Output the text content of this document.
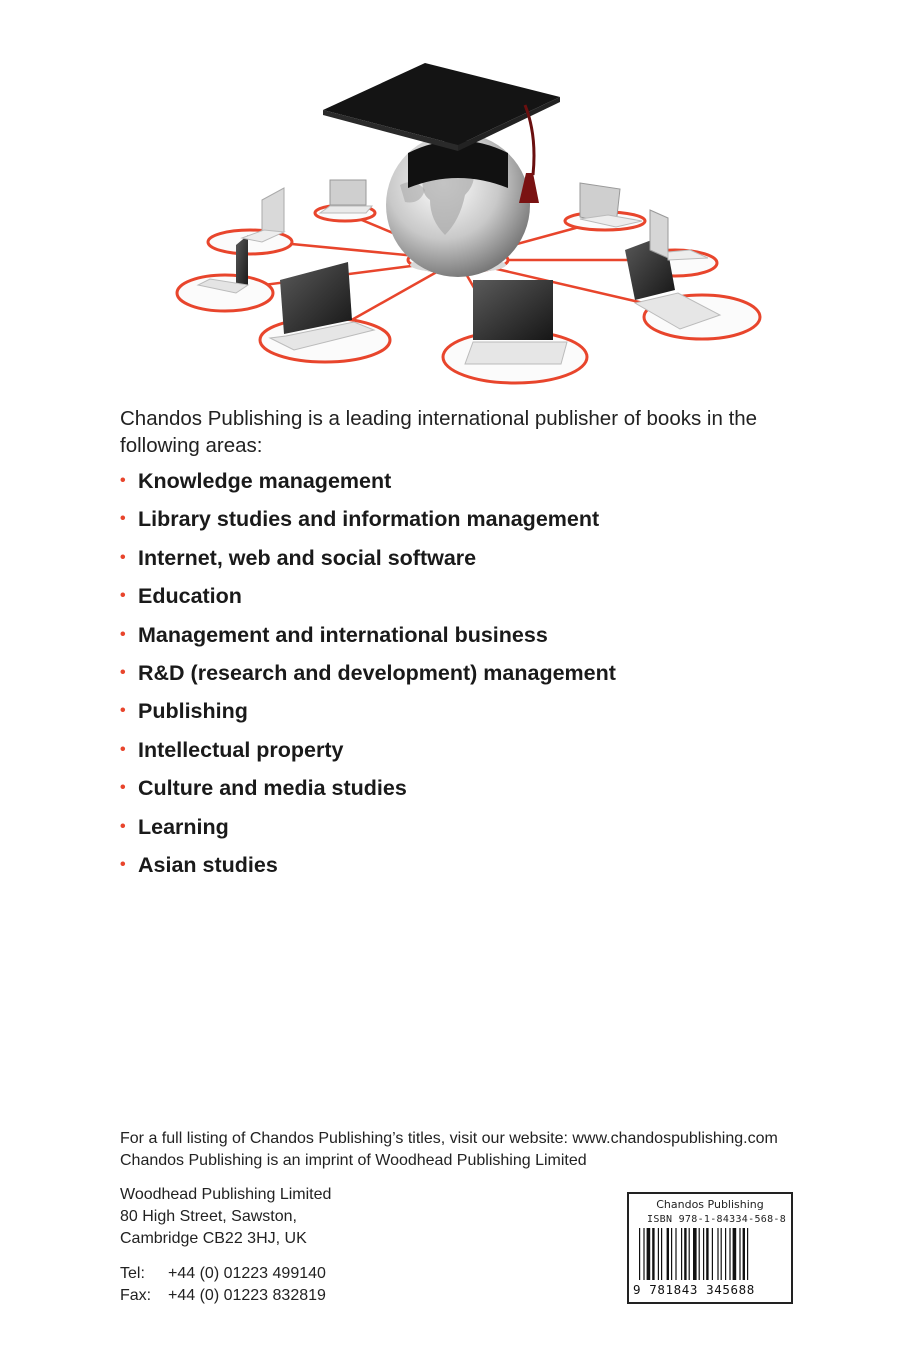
Chandos Publishing is a leading international publisher of books in the
following areas:
• Knowledge management
• Library studies and information management
• Internet, web and social software
• Education
• Management and international business
• R&D (research and development) management
• Publishing
• Intellectual property
• Culture and media studies
• Learning
• Asian studies
For a full listing of Chandos Publishing’s titles, visit our website: www.chandospublishing.com
Chandos Publishing is an imprint of Woodhead Publishing Limited
Woodhead Publishing Limited
80 High Street, Sawston,
Cambridge CB22 3HJ, UK
Tel: +44 (0) 01223 499140
Fax: +44 (0) 01223 832819
Chandos Publishing
ISBN 978-1-84334-568-8
9 781843 345688
